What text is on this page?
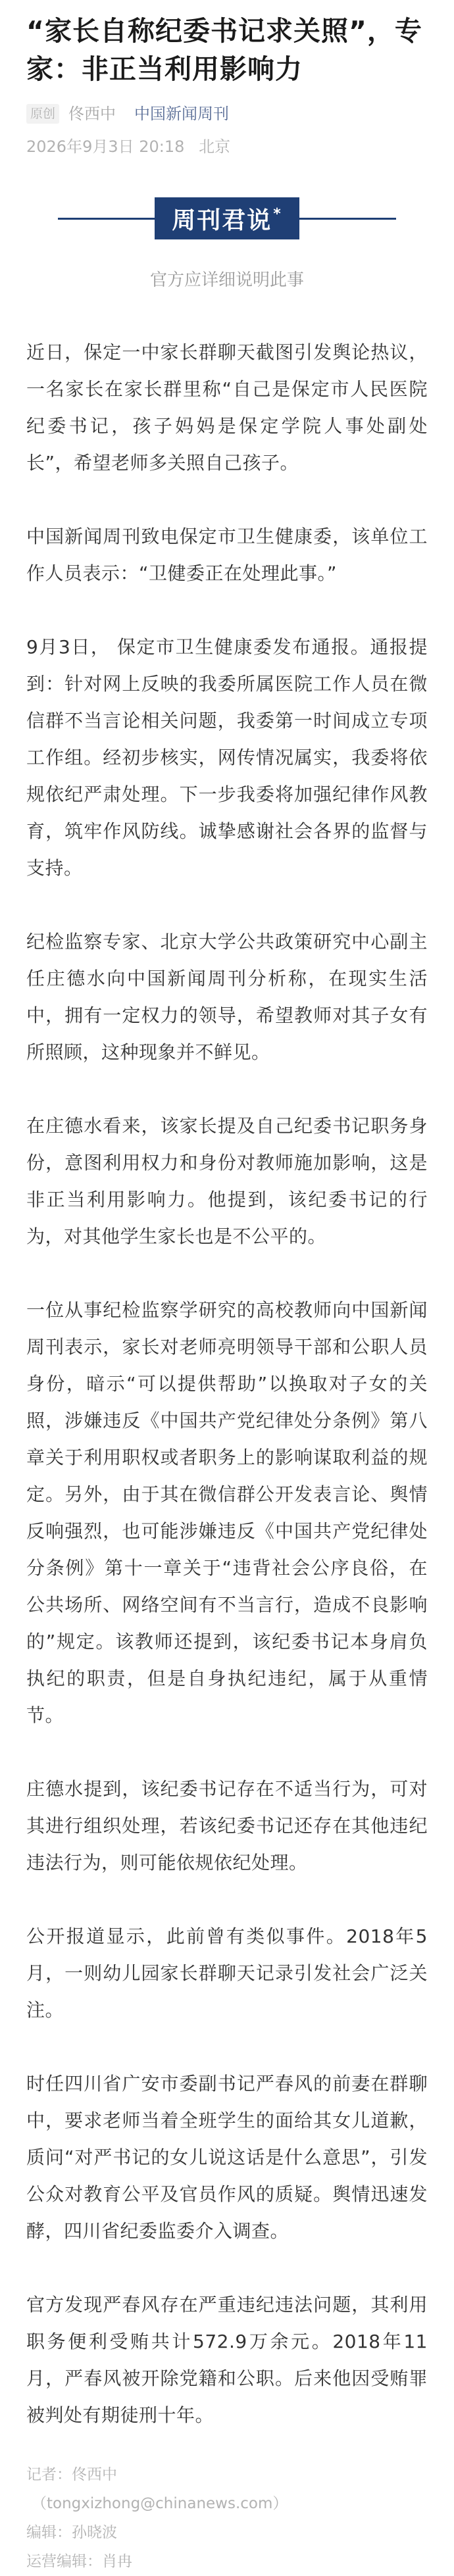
“家长自称纪委书记求关照”，专家：非正当利用影响力
原创 佟西中 中国新闻周刊
2026年9月3日 20:18 北京
周刊君说 *
官方应详细说明此事

近日，保定一中家长群聊天截图引发舆论热议，一名家长在家长群里称“自己是保定市人民医院纪委书记，孩子妈妈是保定学院人事处副处长”，希望老师多关照自己孩子。

中国新闻周刊致电保定市卫生健康委，该单位工作人员表示：“卫健委正在处理此事。”

9月3日， 保定市卫生健康委发布通报。通报提到：针对网上反映的我委所属医院工作人员在微信群不当言论相关问题，我委第一时间成立专项工作组。经初步核实，网传情况属实，我委将依规依纪严肃处理。下一步我委将加强纪律作风教育，筑牢作风防线。诚挚感谢社会各界的监督与支持。

纪检监察专家、北京大学公共政策研究中心副主任庄德水向中国新闻周刊分析称，在现实生活中，拥有一定权力的领导，希望教师对其子女有所照顾，这种现象并不鲜见。

在庄德水看来，该家长提及自己纪委书记职务身份，意图利用权力和身份对教师施加影响，这是非正当利用影响力。他提到，该纪委书记的行为，对其他学生家长也是不公平的。

一位从事纪检监察学研究的高校教师向中国新闻周刊表示，家长对老师亮明领导干部和公职人员身份，暗示“可以提供帮助”以换取对子女的关照，涉嫌违反《中国共产党纪律处分条例》第八章关于利用职权或者职务上的影响谋取利益的规定。另外，由于其在微信群公开发表言论、舆情反响强烈，也可能涉嫌违反《中国共产党纪律处分条例》第十一章关于“违背社会公序良俗，在公共场所、网络空间有不当言行，造成不良影响的”规定。该教师还提到，该纪委书记本身肩负执纪的职责，但是自身执纪违纪，属于从重情节。

庄德水提到，该纪委书记存在不适当行为，可对其进行组织处理，若该纪委书记还存在其他违纪违法行为，则可能依规依纪处理。

公开报道显示，此前曾有类似事件。2018年5月，一则幼儿园家长群聊天记录引发社会广泛关注。

时任四川省广安市委副书记严春风的前妻在群聊中，要求老师当着全班学生的面给其女儿道歉，质问“对严书记的女儿说这话是什么意思”，引发公众对教育公平及官员作风的质疑。舆情迅速发酵，四川省纪委监委介入调查。

官方发现严春风存在严重违纪违法问题，其利用职务便利受贿共计572.9万余元。2018年11月，严春风被开除党籍和公职。后来他因受贿罪被判处有期徒刑十年。

记者：佟西中
（tongxizhong@chinanews.com）
编辑：孙晓波
运营编辑：肖冉
